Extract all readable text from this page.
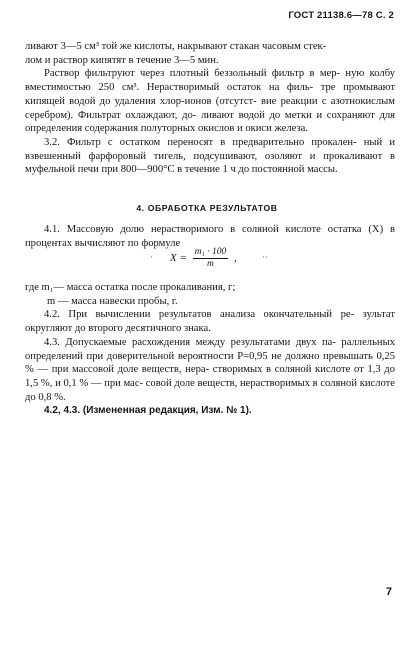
ГОСТ 21138.6—78 С. 2

ливают 3—5 см³ той же кислоты, накрывают стакан часовым стек-

лом и раствор кипятят в течение 3—5 мин.

Раствор фильтруют через плотный беззольный фильтр в мер- ную колбу вместимостью 250 см³. Нерастворимый остаток на филь- тре промывают кипящей водой до удаления хлор-ионов (отсутст- вие реакции с азотнокислым серебром). Фильтрат охлаждают, до- ливают водой до метки и сохраняют для определения содержания полуторных окислов и окиси железа.

3.2. Фильтр с остатком переносят в предварительно прокален- ный и взвешенный фарфоровый тигель, подсушивают, озоляют и прокаливают в муфельной печи при 800—900°С в течение 1 ч до постоянной массы.

4. ОБРАБОТКА РЕЗУЛЬТАТОВ

4.1. Массовую долю нерастворимого в соляной кислоте остатка (X) в процентах вычисляют по формуле

·	··
$X = \frac{\text{m₁ · 100}}{m}$ ,

где m₁— масса остатка после прокаливания, г;

m — масса навески пробы, г.

4.2. При вычислении результатов анализа окончательный ре- зультат округляют до второго десятичного знака.

4.3. Допускаемые расхождения между результатами двух па- раллельных определений при доверительной вероятности P=0,95 не должно превышать 0,25 % — при массовой доле веществ, нера- створимых в соляной кислоте от 1,3 до 1,5 %, и 0,1 % — при мас- совой доле веществ, нерастворимых в соляной кислоте до 0,8 %.

4.2, 4.3. (Измененная редакция, Изм. № 1).

7
